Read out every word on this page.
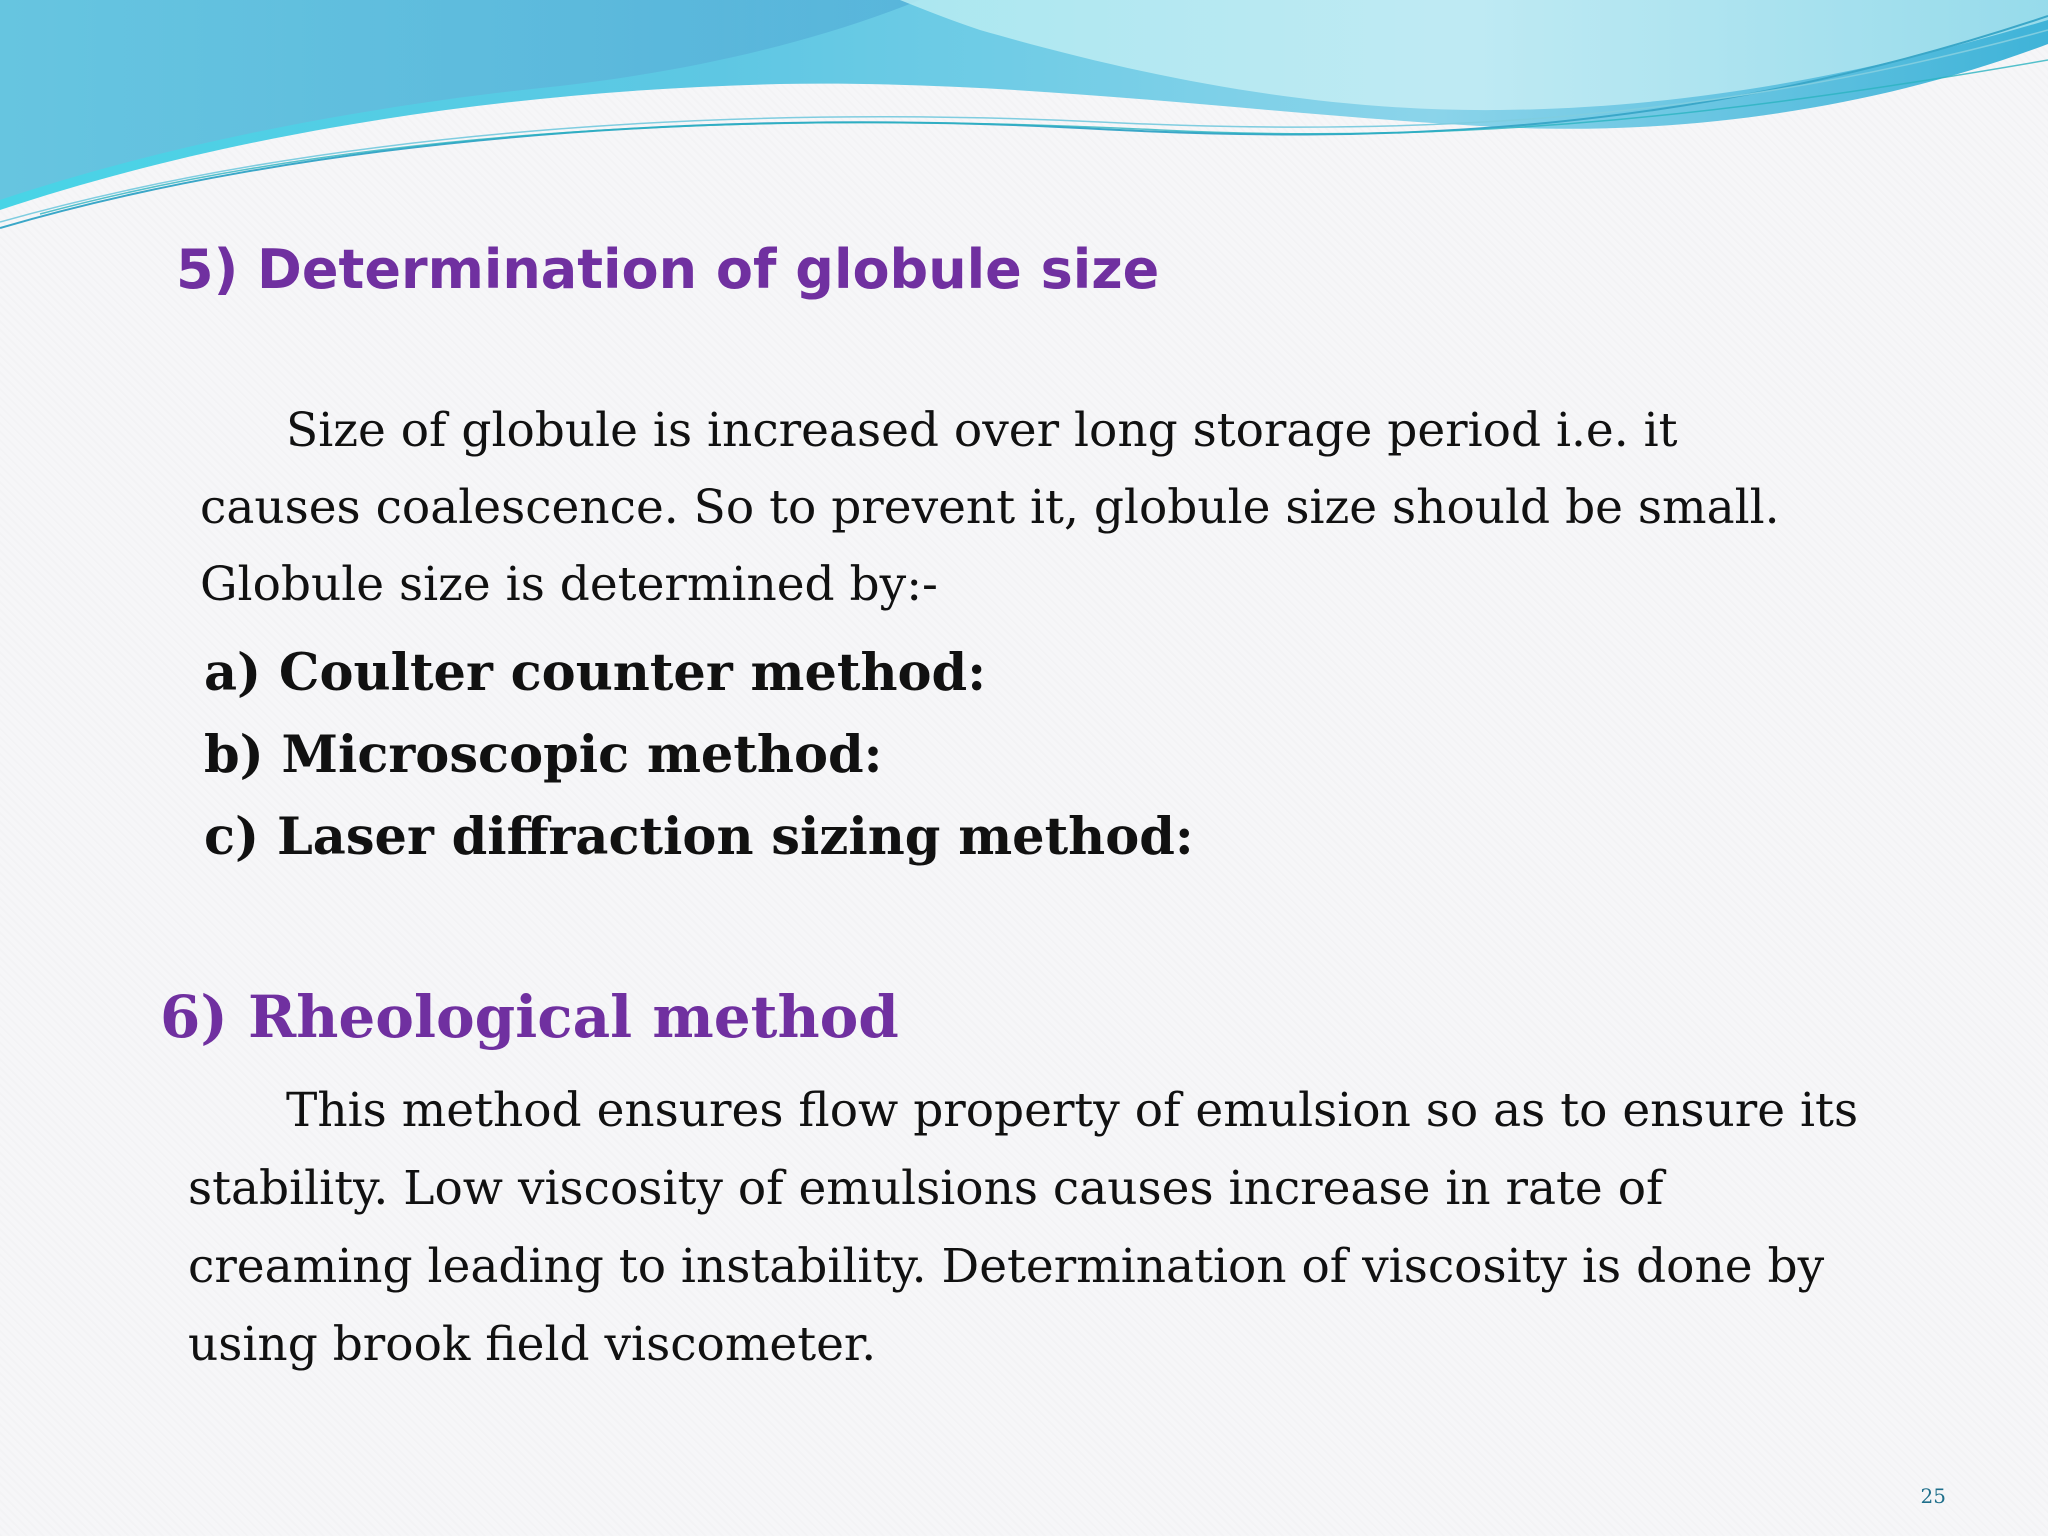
5) Determination of globule size

Size of globule is increased over long storage period i.e. it causes coalescence. So to prevent it, globule size should be small. Globule size is determined by:-

a) Coulter counter method:
b) Microscopic method:
c) Laser diffraction sizing method:
6) Rheological method

This method ensures flow property of emulsion so as to ensure its stability. Low viscosity of emulsions causes increase in rate of creaming leading to instability. Determination of viscosity is done by using brook field viscometer.

25
